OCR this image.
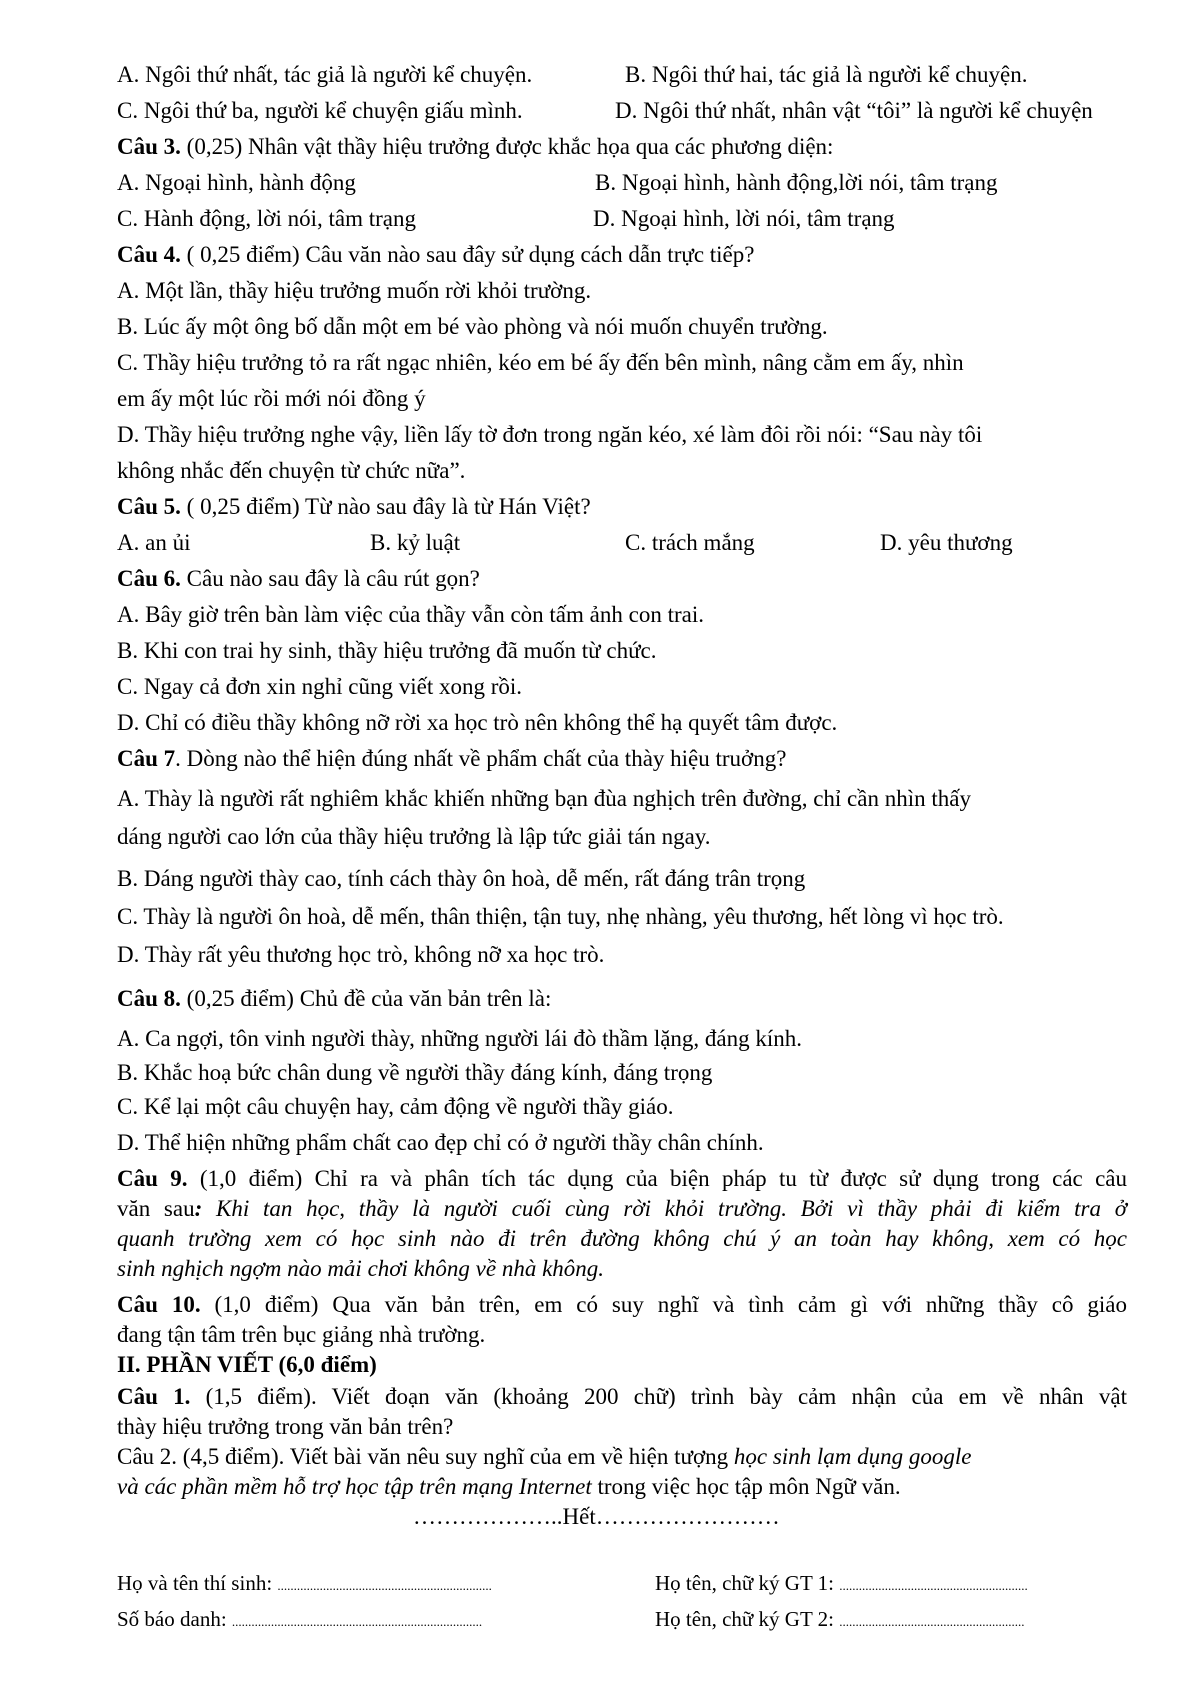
A. Ngôi thứ nhất, tác giả là người kể chuyện.	B. Ngôi thứ hai, tác giả là người kể chuyện.
C. Ngôi thứ ba, người kể chuyện giấu mình.	D. Ngôi thứ nhất, nhân vật “tôi” là người kể chuyện
Câu 3. (0,25) Nhân vật thầy hiệu trưởng được khắc họa qua các phương diện:
A. Ngoại hình, hành động	B. Ngoại hình, hành động,lời nói, tâm trạng
C. Hành động, lời nói, tâm trạng	D. Ngoại hình, lời nói, tâm trạng
Câu 4. ( 0,25 điểm) Câu văn nào sau đây sử dụng cách dẫn trực tiếp?
A. Một lần, thầy hiệu trưởng muốn rời khỏi trường.
B. Lúc ấy một ông bố dẫn một em bé vào phòng và nói muốn chuyển trường.
C. Thầy hiệu trưởng tỏ ra rất ngạc nhiên, kéo em bé ấy đến bên mình, nâng cằm em ấy, nhìn
em ấy một lúc rồi mới nói đồng ý
D. Thầy hiệu trưởng nghe vậy, liền lấy tờ đơn trong ngăn kéo, xé làm đôi rồi nói: “Sau này tôi
không nhắc đến chuyện từ chức nữa”.
Câu 5. ( 0,25 điểm) Từ nào sau đây là từ Hán Việt?
A. an ủi	B. kỷ luật	C. trách mắng	D. yêu thương
Câu 6. Câu nào sau đây là câu rút gọn?
A. Bây giờ trên bàn làm việc của thầy vẫn còn tấm ảnh con trai.
B. Khi con trai hy sinh, thầy hiệu trưởng đã muốn từ chức.
C. Ngay cả đơn xin nghỉ cũng viết xong rồi.
D. Chỉ có điều thầy không nỡ rời xa học trò nên không thể hạ quyết tâm được.
Câu 7. Dòng nào thể hiện đúng nhất về phẩm chất của thày hiệu truởng?
A. Thày là người rất nghiêm khắc khiến những bạn đùa nghịch trên đường, chỉ cần nhìn thấy
dáng người cao lớn của thầy hiệu trưởng là lập tức giải tán ngay.
B. Dáng người thày cao, tính cách thày ôn hoà, dễ mến, rất đáng trân trọng
C. Thày là người ôn hoà, dễ mến, thân thiện, tận tuy, nhẹ nhàng, yêu thương, hết lòng vì học trò.
D. Thày rất yêu thương học trò, không nỡ xa học trò.
Câu 8. (0,25 điểm) Chủ đề của văn bản trên là:
A. Ca ngợi, tôn vinh người thày, những người lái đò thầm lặng, đáng kính.
B. Khắc hoạ bức chân dung về người thầy đáng kính, đáng trọng
C. Kể lại một câu chuyện hay, cảm động về người thầy giáo.
D. Thể hiện những phẩm chất cao đẹp chỉ có ở người thầy chân chính.
Câu 9. (1,0 điểm) Chỉ ra và phân tích tác dụng của biện pháp tu từ được sử dụng trong các câu
văn sau: Khi tan học, thầy là người cuối cùng rời khỏi trường. Bởi vì thầy phải đi kiểm tra ở
quanh trường xem có học sinh nào đi trên đường không chú ý an toàn hay không, xem có học
sinh nghịch ngợm nào mải chơi không về nhà không.
Câu 10. (1,0 điểm) Qua văn bản trên, em có suy nghĩ và tình cảm gì với những thầy cô giáo
đang tận tâm trên bục giảng nhà trường.
II. PHẦN VIẾT (6,0 điểm)
Câu 1. (1,5 điểm). Viết đoạn văn (khoảng 200 chữ) trình bày cảm nhận của em về nhân vật
thày hiệu trưởng trong văn bản trên?
Câu 2. (4,5 điểm). Viết bài văn nêu suy nghĩ của em về hiện tượng học sinh lạm dụng google
và các phần mềm hỗ trợ học tập trên mạng Internet trong việc học tập môn Ngữ văn.
………………..Hết……………………
Họ và tên thí sinh: ..................................................................	Họ tên, chữ ký GT 1: ..........................................................
Số báo danh: .............................................................................	Họ tên, chữ ký GT 2: .........................................................
